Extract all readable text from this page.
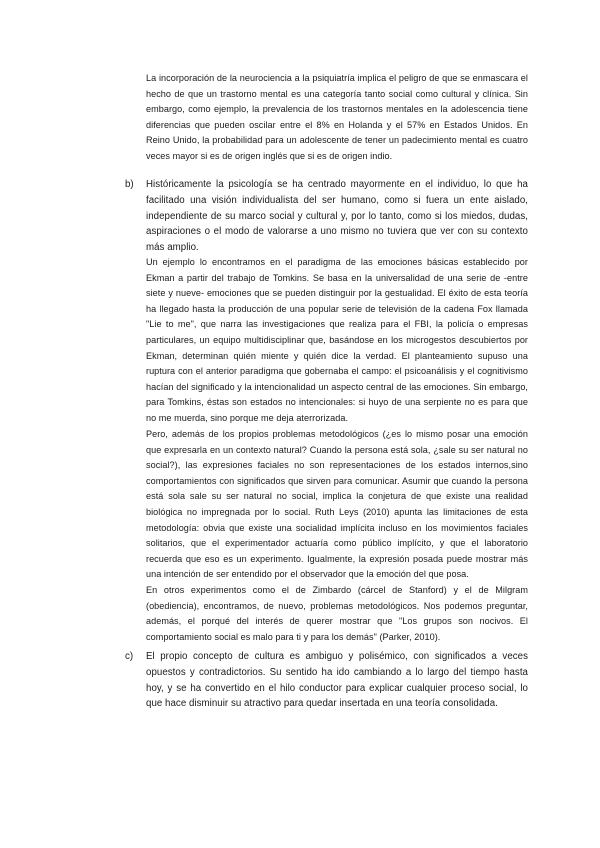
La incorporación de la neurociencia a la psiquiatría implica el peligro de que se enmascara el hecho de que un trastorno mental es una categoría tanto social como cultural y clínica. Sin embargo, como ejemplo, la prevalencia de los trastornos mentales en la adolescencia tiene diferencias que pueden oscilar entre el 8% en Holanda y el 57% en Estados Unidos. En Reino Unido, la probabilidad para un adolescente de tener un padecimiento mental es cuatro veces mayor si es de origen inglés que si es de origen indio.

b) Históricamente la psicología se ha centrado mayormente en el individuo, lo que ha facilitado una visión individualista del ser humano, como si fuera un ente aislado, independiente de su marco social y cultural y, por lo tanto, como si los miedos, dudas, aspiraciones o el modo de valorarse a uno mismo no tuviera que ver con su contexto más amplio.

Un ejemplo lo encontramos en el paradigma de las emociones básicas establecido por Ekman a partir del trabajo de Tomkins. Se basa en la universalidad de una serie de -entre siete y nueve- emociones que se pueden distinguir por la gestualidad. El éxito de esta teoría ha llegado hasta la producción de una popular serie de televisión de la cadena Fox llamada "Lie to me", que narra las investigaciones que realiza para el FBI, la policía o empresas particulares, un equipo multidisciplinar que, basándose en los microgestos descubiertos por Ekman, determinan quién miente y quién dice la verdad. El planteamiento supuso una ruptura con el anterior paradigma que gobernaba el campo: el psicoanálisis y el cognitivismo hacían del significado y la intencionalidad un aspecto central de las emociones. Sin embargo, para Tomkins, éstas son estados no intencionales: si huyo de una serpiente no es para que no me muerda, sino porque me deja aterrorizada.

Pero, además de los propios problemas metodológicos (¿es lo mismo posar una emoción que expresarla en un contexto natural? Cuando la persona está sola, ¿sale su ser natural no social?), las expresiones faciales no son representaciones de los estados internos,sino comportamientos con significados que sirven para comunicar. Asumir que cuando la persona está sola sale su ser natural no social, implica la conjetura de que existe una realidad biológica no impregnada por lo social. Ruth Leys (2010) apunta las limitaciones de esta metodología: obvia que existe una socialidad implícita incluso en los movimientos faciales solitarios, que el experimentador actuaría como público implícito, y que el laboratorio recuerda que eso es un experimento. Igualmente, la expresión posada puede mostrar más una intención de ser entendido por el observador que la emoción del que posa.

En otros experimentos como el de Zimbardo (cárcel de Stanford) y el de Milgram (obediencia), encontramos, de nuevo, problemas metodológicos. Nos podemos preguntar, además, el porqué del interés de querer mostrar que "Los grupos son nocivos. El comportamiento social es malo para ti y para los demás" (Parker, 2010).

c) El propio concepto de cultura es ambiguo y polisémico, con significados a veces opuestos y contradictorios. Su sentido ha ido cambiando a lo largo del tiempo hasta hoy, y se ha convertido en el hilo conductor para explicar cualquier proceso social, lo que hace disminuir su atractivo para quedar insertada en una teoría consolidada.
